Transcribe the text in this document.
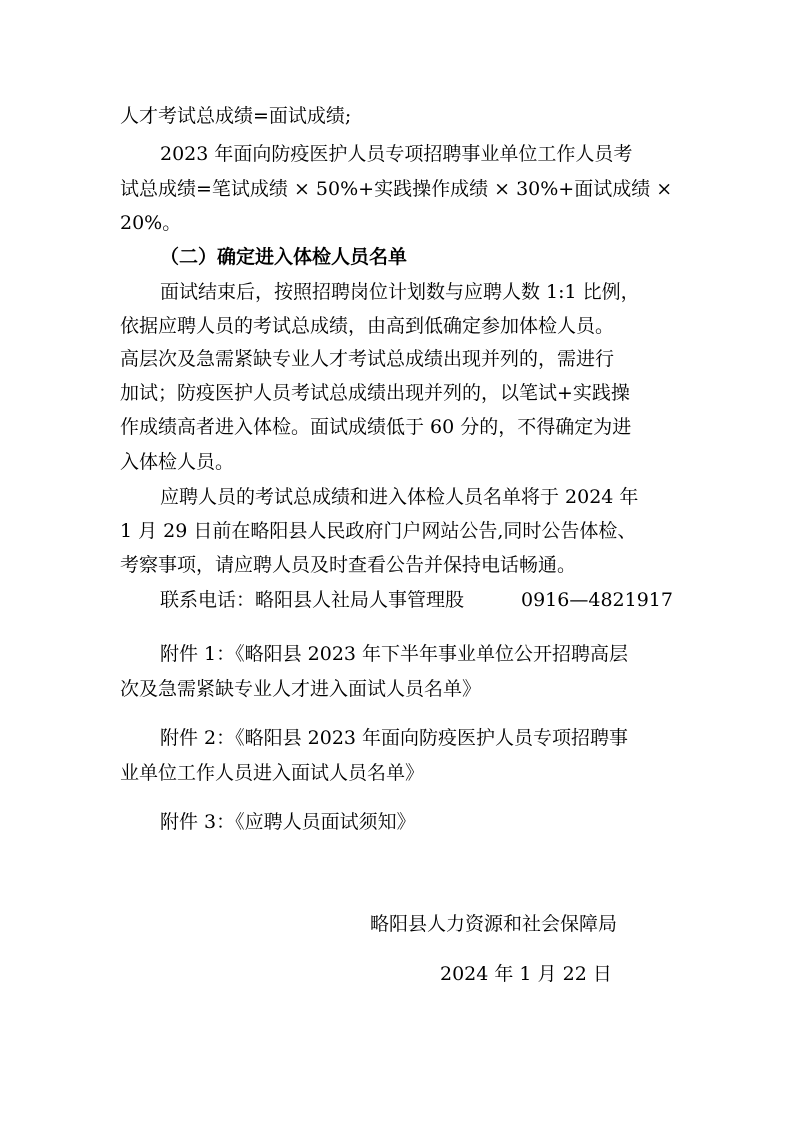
人才考试总成绩=面试成绩;
2023 年面向防疫医护人员专项招聘事业单位工作人员考
试总成绩=笔试成绩 × 50%+实践操作成绩 × 30%+面试成绩 ×
20%。
（二）确定进入体检人员名单
面试结束后，按照招聘岗位计划数与应聘人数 1:1 比例，
依据应聘人员的考试总成绩，由高到低确定参加体检人员。
高层次及急需紧缺专业人才考试总成绩出现并列的，需进行
加试；防疫医护人员考试总成绩出现并列的，以笔试+实践操
作成绩高者进入体检。面试成绩低于 60 分的，不得确定为进
入体检人员。
应聘人员的考试总成绩和进入体检人员名单将于 2024 年
1 月 29 日前在略阳县人民政府门户网站公告,同时公告体检、
考察事项，请应聘人员及时查看公告并保持电话畅通。
联系电话：略阳县人社局人事管理股　　　0916—4821917
附件 1：《略阳县 2023 年下半年事业单位公开招聘高层
次及急需紧缺专业人才进入面试人员名单》
附件 2：《略阳县 2023 年面向防疫医护人员专项招聘事
业单位工作人员进入面试人员名单》
附件 3：《应聘人员面试须知》
略阳县人力资源和社会保障局
2024 年 1 月 22 日
